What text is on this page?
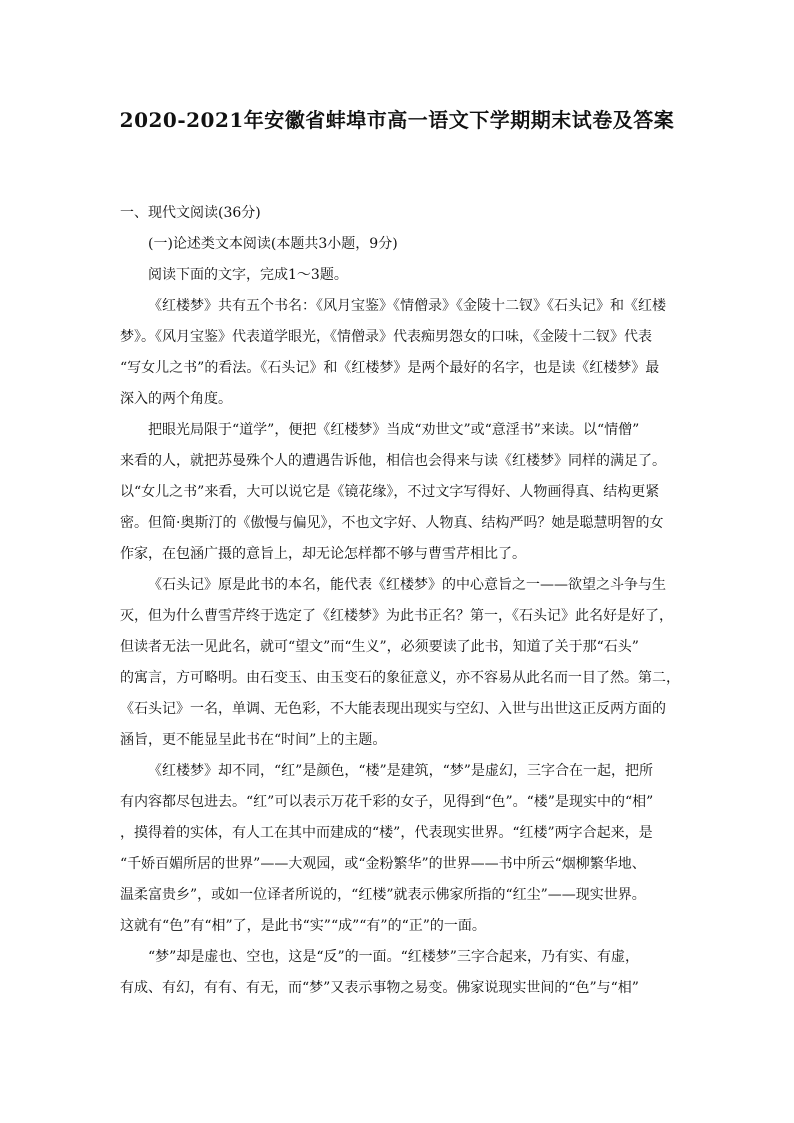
2020-2021年安徽省蚌埠市高一语文下学期期末试卷及答案
一、现代文阅读(36分)
(一)论述类文本阅读(本题共3小题，9分)
阅读下面的文字，完成1～3题。
《红楼梦》共有五个书名：《风月宝鉴》《情僧录》《金陵十二钗》《石头记》和《红楼
梦》。《风月宝鉴》代表道学眼光，《情僧录》代表痴男怨女的口味，《金陵十二钗》代表
“写女儿之书”的看法。《石头记》和《红楼梦》是两个最好的名字，也是读《红楼梦》最
深入的两个角度。
把眼光局限于“道学”，便把《红楼梦》当成“劝世文”或“意淫书”来读。以“情僧”
来看的人，就把苏曼殊个人的遭遇告诉他，相信也会得来与读《红楼梦》同样的满足了。
以“女儿之书”来看，大可以说它是《镜花缘》，不过文字写得好、人物画得真、结构更紧
密。但简·奥斯汀的《傲慢与偏见》，不也文字好、人物真、结构严吗？她是聪慧明智的女
作家，在包涵广摄的意旨上，却无论怎样都不够与曹雪芹相比了。
《石头记》原是此书的本名，能代表《红楼梦》的中心意旨之一——欲望之斗争与生
灭，但为什么曹雪芹终于选定了《红楼梦》为此书正名？第一，《石头记》此名好是好了，
但读者无法一见此名，就可“望文”而“生义”，必须要读了此书，知道了关于那“石头”
的寓言，方可略明。由石变玉、由玉变石的象征意义，亦不容易从此名而一目了然。第二，
《石头记》一名，单调、无色彩，不大能表现出现实与空幻、入世与出世这正反两方面的
涵旨，更不能显呈此书在“时间”上的主题。
《红楼梦》却不同，“红”是颜色，“楼”是建筑，“梦”是虚幻，三字合在一起，把所
有内容都尽包进去。“红”可以表示万花千彩的女子，见得到“色”。“楼”是现实中的“相”
，摸得着的实体，有人工在其中而建成的“楼”，代表现实世界。“红楼”两字合起来，是
“千娇百媚所居的世界”——大观园，或“金粉繁华”的世界——书中所云“烟柳繁华地、
温柔富贵乡”，或如一位译者所说的，“红楼”就表示佛家所指的“红尘”——现实世界。
这就有“色”有“相”了，是此书“实”“成”“有”的“正”的一面。
“梦”却是虚也、空也，这是“反”的一面。“红楼梦”三字合起来，乃有实、有虚，
有成、有幻，有有、有无，而“梦”又表示事物之易变。佛家说现实世间的“色”与“相”
